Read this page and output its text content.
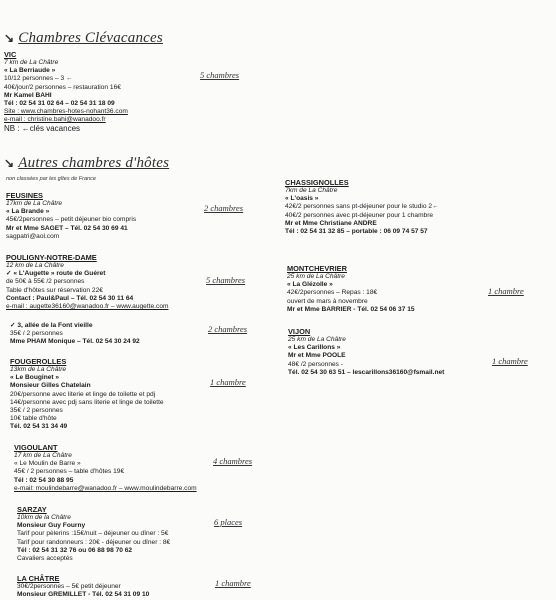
↘ Chambres Clévacances
VIC
7 km de La Châtre
« La Berriaude »
10/12 personnes – 3 ←
40€/jour/2 personnes – restauration 16€
Mr Kamel BAHI
Tél : 02 54 31 02 64 – 02 54 31 18 09
Site : www.chambres-hotes-nohant36.com
e-mail : christine.bahi@wanadoo.fr
NB : ←clés vacances
5 chambres
↘ Autres chambres d'hôtes
non classées par les gîtes de France
FEUSINES
17km de La Châtre
« La Brande »
45€/2personnes – petit déjeuner bio compris
Mr et Mme SAGET – Tél. 02 54 30 69 41
sagpatri@aol.com
2 chambres
POULIGNY-NOTRE-DAME
12 km de La Châtre
✓ « L'Augette » route de Guéret
de 50€ à 55€ /2 personnes
Table d'hôtes sur réservation 22€
Contact : Paul&Paul – Tél. 02 54 30 11 64
e-mail : augette36160@wanadoo.fr – www.augette.com
5 chambres
✓ 3, allée de la Font vieille
35€ / 2 personnes
Mme PHAM Monique – Tél. 02 54 30 24 92
2 chambres
FOUGEROLLES
13km de La Châtre
« Le Bouginet »
Monsieur Gilles Chatelain
20€/personne avec literie et linge de toilette et pdj
14€/personne avec pdj sans literie et linge de toilette
35€ / 2 personnes
10€ table d'hôte
Tél. 02 54 31 34 49
1 chambre
VIGOULANT
17 km de La Châtre
« Le Moulin de Barre »
45€ / 2 personnes – table d'hôtes 19€
Tél : 02 54 30 88 95
e-mail: moulindebarre@wanadoo.fr – www.moulindebarre.com
4 chambres
SARZAY
10km de la Châtre
Monsieur Guy Fourny
Tarif pour pèlerins :15€/nuit – déjeuner ou dîner : 5€
Tarif pour randonneurs : 20€ - déjeuner ou dîner : 8€
Tél : 02 54 31 32 76 ou 06 88 98 70 62
Cavaliers acceptés
6 places
LA CHÂTRE
30€/2personnes – 5€ petit déjeuner
Monsieur GREMILLET - Tél. 02 54 31 09 10
1 chambre
CHASSIGNOLLES
7km de La Châtre
« L'oasis »
42€/2 personnes sans pt-déjeuner pour le studio 2←
40€/2 personnes avec pt-déjeuner pour 1 chambre
Mr et Mme Christiane ANDRE
Tél : 02 54 31 32 85 – portable : 06 09 74 57 57
MONTCHEVRIER
25 km de La Châtre
« La Glézolle »
42€/2personnes – Repas : 18€
ouvert de mars à novembre
Mr et Mme BARRIER - Tél. 02 54 06 37 15
1 chambre
VIJON
25 km de La Châtre
« Les Carillons »
Mr et Mme POOLE
48€ /2 personnes -
Tél. 02 54 30 63 51 – lescarillons36160@fsmail.net
1 chambre
